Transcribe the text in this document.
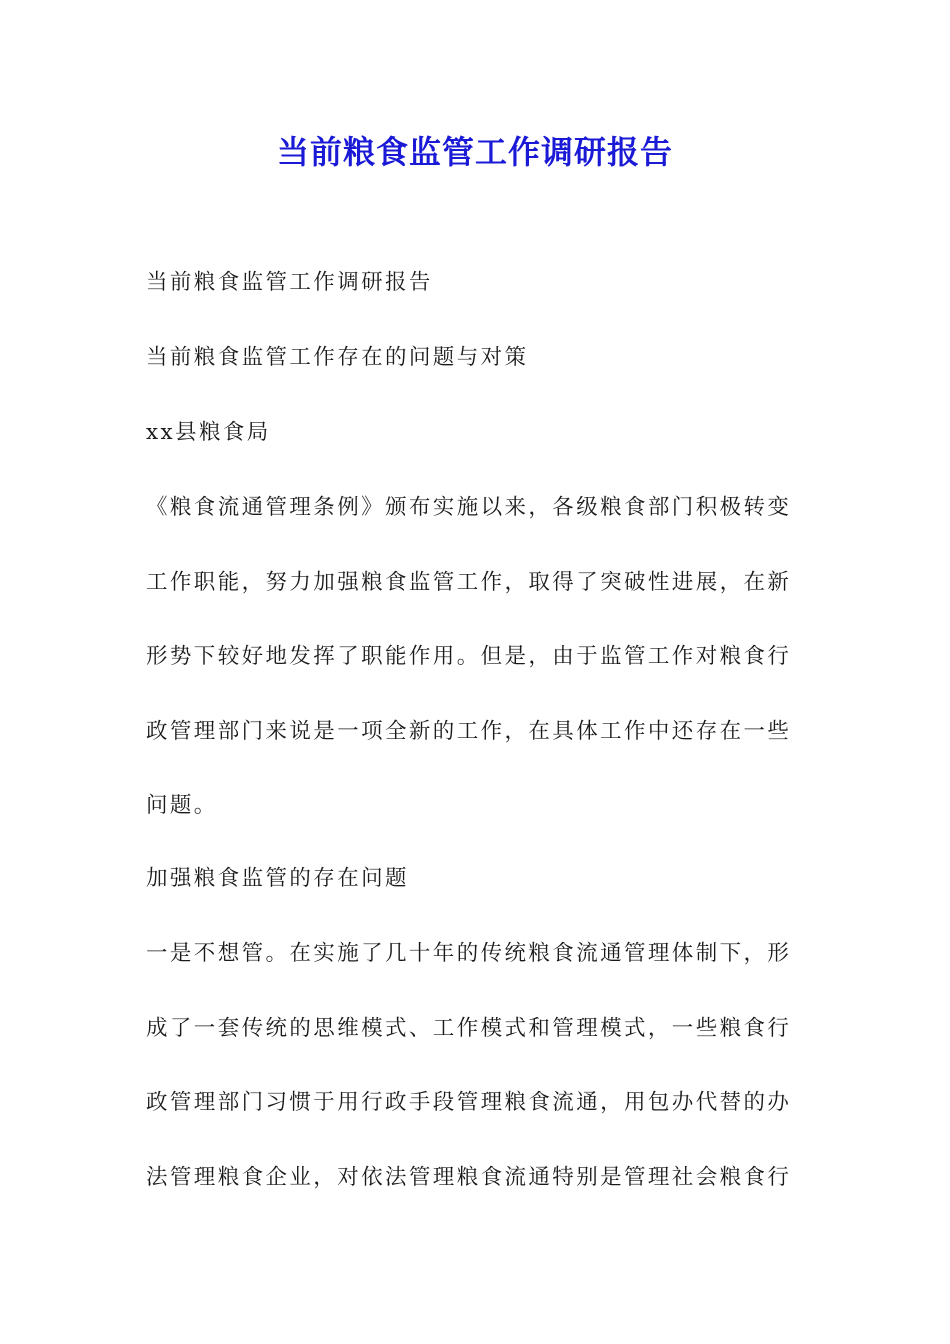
当前粮食监管工作调研报告

当前粮食监管工作调研报告

当前粮食监管工作存在的问题与对策

xx县粮食局

《粮食流通管理条例》颁布实施以来，各级粮食部门积极转变
工作职能，努力加强粮食监管工作，取得了突破性进展，在新
形势下较好地发挥了职能作用。但是，由于监管工作对粮食行
政管理部门来说是一项全新的工作，在具体工作中还存在一些
问题。

加强粮食监管的存在问题

一是不想管。在实施了几十年的传统粮食流通管理体制下，形
成了一套传统的思维模式、工作模式和管理模式，一些粮食行
政管理部门习惯于用行政手段管理粮食流通，用包办代替的办
法管理粮食企业，对依法管理粮食流通特别是管理社会粮食行
